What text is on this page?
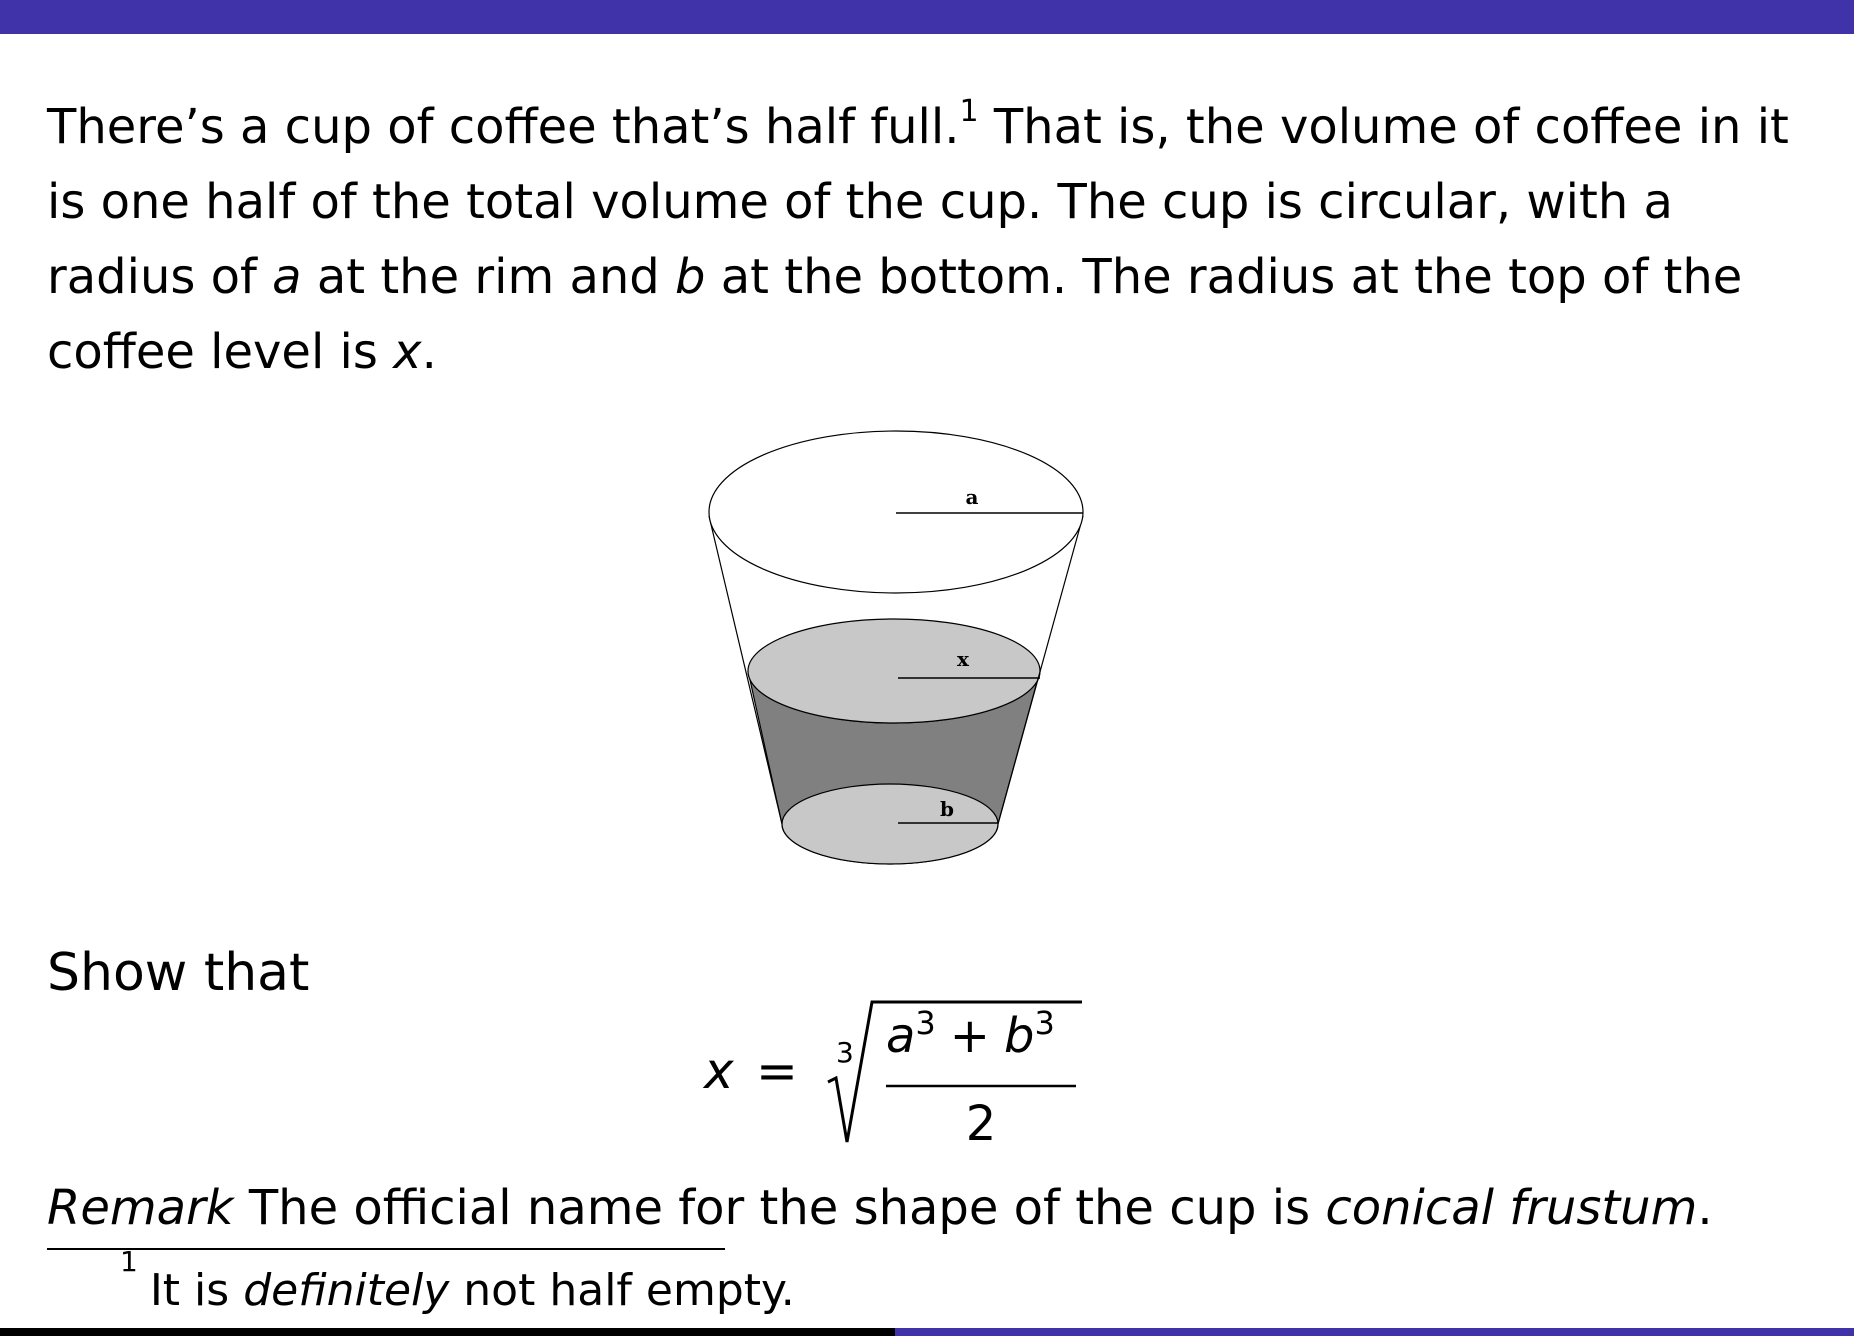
There’s a cup of coffee that’s half full.$^1$ That is, the volume of coffee in it is one half of the total volume of the cup. The cup is circular, with a radius of a at the rim and b at the bottom. The radius at the top of the coffee level is x.

a
x
b

Show that

x = 3 $a^3 + b^3$
2

Remark The official name for the shape of the cup is conical frustum.

$^1$It is definitely not half empty.
